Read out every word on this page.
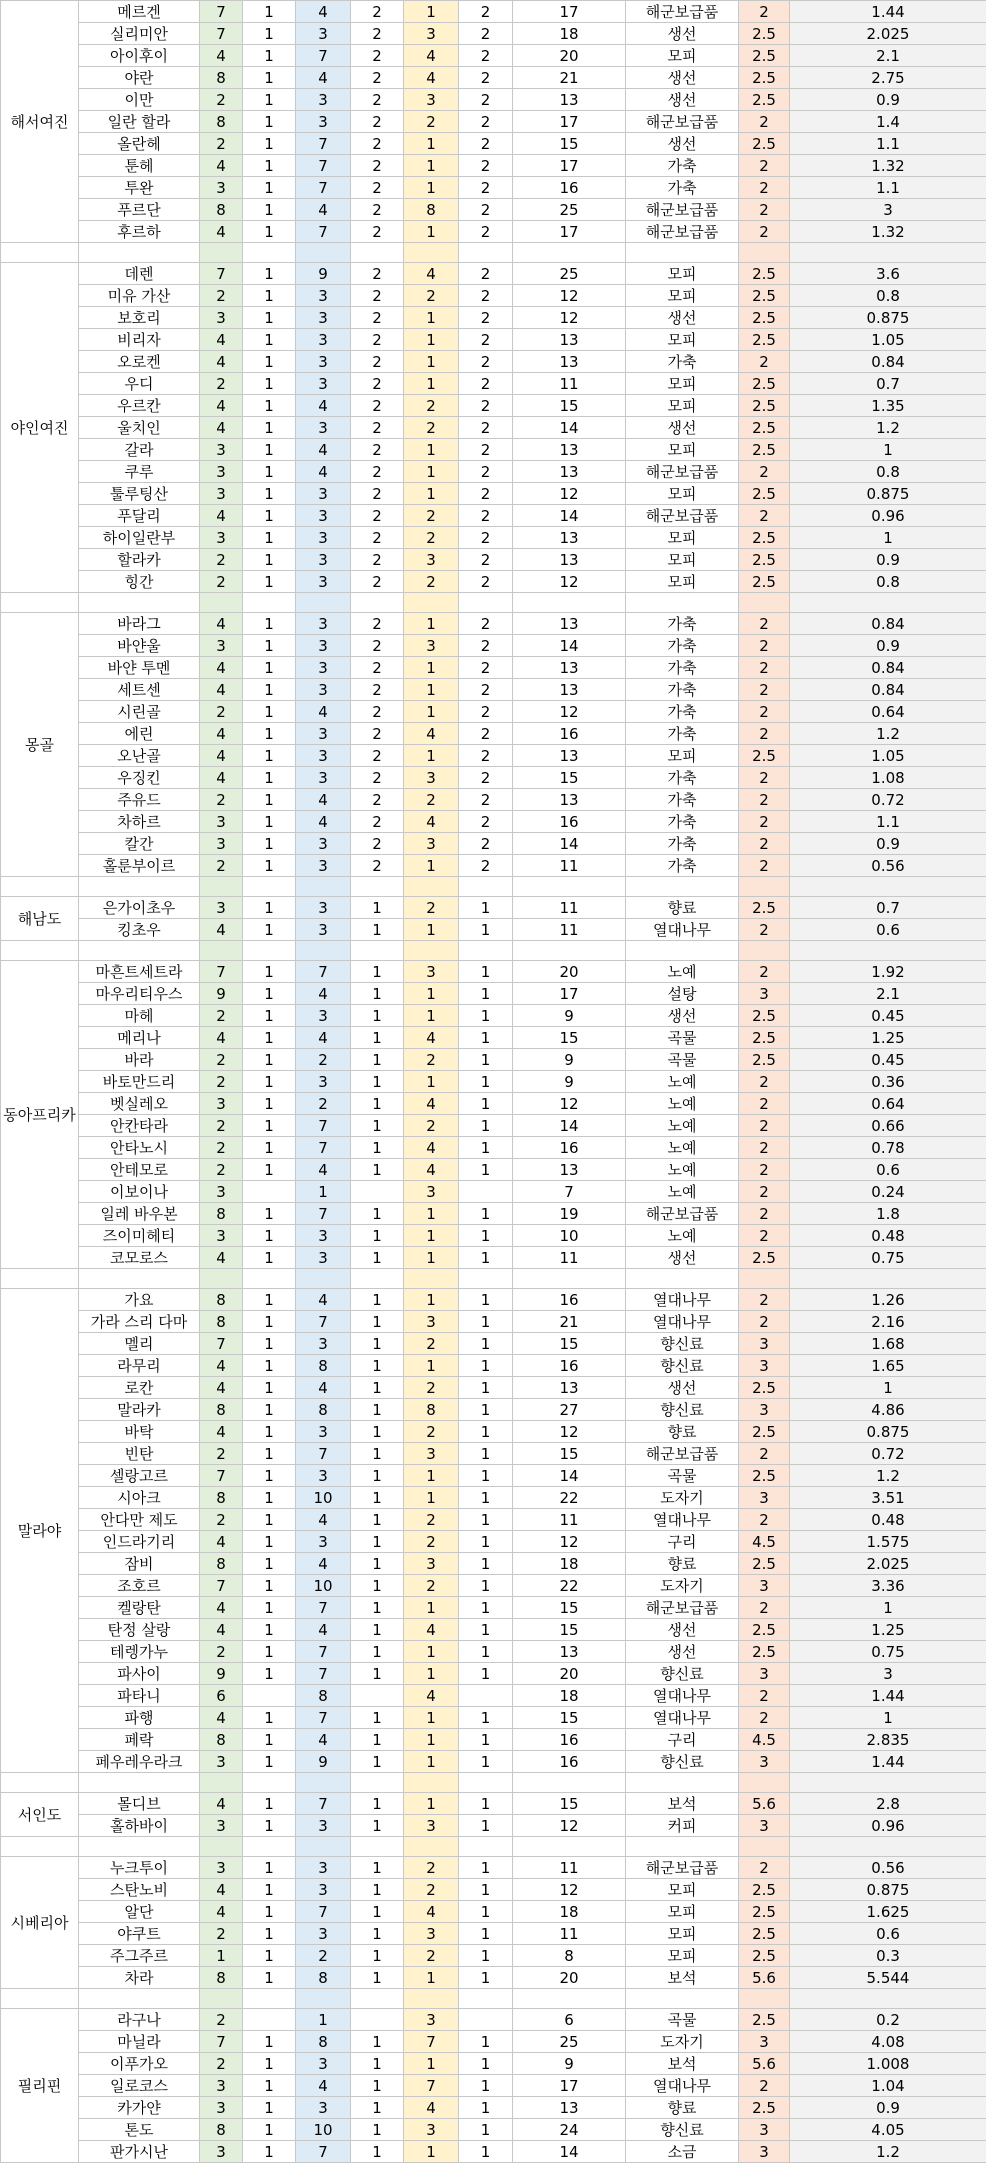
해서여진	메르겐	7	1	4	2	1	2	17	해군보급품	2	1.44
	실리미안	7	1	3	2	3	2	18	생선	2.5	2.025
	아이후이	4	1	7	2	4	2	20	모피	2.5	2.1
	야란	8	1	4	2	4	2	21	생선	2.5	2.75
	이만	2	1	3	2	3	2	13	생선	2.5	0.9
	일란 할라	8	1	3	2	2	2	17	해군보급품	2	1.4
	올란헤	2	1	7	2	1	2	15	생선	2.5	1.1
	툰헤	4	1	7	2	1	2	17	가축	2	1.32
	투완	3	1	7	2	1	2	16	가축	2	1.1
	푸르단	8	1	4	2	8	2	25	해군보급품	2	3
	후르하	4	1	7	2	1	2	17	해군보급품	2	1.32

야인여진	데렌	7	1	9	2	4	2	25	모피	2.5	3.6
	미유 가산	2	1	3	2	2	2	12	모피	2.5	0.8
	보호리	3	1	3	2	1	2	12	생선	2.5	0.875
	비리자	4	1	3	2	1	2	13	모피	2.5	1.05
	오로켄	4	1	3	2	1	2	13	가축	2	0.84
	우디	2	1	3	2	1	2	11	모피	2.5	0.7
	우르칸	4	1	4	2	2	2	15	모피	2.5	1.35
	울치인	4	1	3	2	2	2	14	생선	2.5	1.2
	갈라	3	1	4	2	1	2	13	모피	2.5	1
	쿠루	3	1	4	2	1	2	13	해군보급품	2	0.8
	툴루팅산	3	1	3	2	1	2	12	모피	2.5	0.875
	푸달리	4	1	3	2	2	2	14	해군보급품	2	0.96
	하이일란부	3	1	3	2	2	2	13	모피	2.5	1
	할라카	2	1	3	2	3	2	13	모피	2.5	0.9
	힝간	2	1	3	2	2	2	12	모피	2.5	0.8

몽골	바라그	4	1	3	2	1	2	13	가축	2	0.84
	바얀울	3	1	3	2	3	2	14	가축	2	0.9
	바얀 투멘	4	1	3	2	1	2	13	가축	2	0.84
	세트센	4	1	3	2	1	2	13	가축	2	0.84
	시린골	2	1	4	2	1	2	12	가축	2	0.64
	에린	4	1	3	2	4	2	16	가축	2	1.2
	오난골	4	1	3	2	1	2	13	모피	2.5	1.05
	우징킨	4	1	3	2	3	2	15	가축	2	1.08
	주유드	2	1	4	2	2	2	13	가축	2	0.72
	차하르	3	1	4	2	4	2	16	가축	2	1.1
	칼간	3	1	3	2	3	2	14	가축	2	0.9
	홀룬부이르	2	1	3	2	1	2	11	가축	2	0.56

해남도	은가이초우	3	1	3	1	2	1	11	향료	2.5	0.7
	킹초우	4	1	3	1	1	1	11	열대나무	2	0.6

동아프리카	마흔트세트라	7	1	7	1	3	1	20	노예	2	1.92
	마우리티우스	9	1	4	1	1	1	17	설탕	3	2.1
	마헤	2	1	3	1	1	1	9	생선	2.5	0.45
	메리나	4	1	4	1	4	1	15	곡물	2.5	1.25
	바라	2	1	2	1	2	1	9	곡물	2.5	0.45
	바토만드리	2	1	3	1	1	1	9	노예	2	0.36
	벳실레오	3	1	2	1	4	1	12	노예	2	0.64
	안칸타라	2	1	7	1	2	1	14	노예	2	0.66
	안타노시	2	1	7	1	4	1	16	노예	2	0.78
	안테모로	2	1	4	1	4	1	13	노예	2	0.6
	이보이나	3		1		3		7	노예	2	0.24
	일레 바우본	8	1	7	1	1	1	19	해군보급품	2	1.8
	즈이미헤티	3	1	3	1	1	1	10	노예	2	0.48
	코모로스	4	1	3	1	1	1	11	생선	2.5	0.75

말라야	가요	8	1	4	1	1	1	16	열대나무	2	1.26
	가라 스리 다마	8	1	7	1	3	1	21	열대나무	2	2.16
	멜리	7	1	3	1	2	1	15	향신료	3	1.68
	라무리	4	1	8	1	1	1	16	향신료	3	1.65
	로칸	4	1	4	1	2	1	13	생선	2.5	1
	말라카	8	1	8	1	8	1	27	향신료	3	4.86
	바탁	4	1	3	1	2	1	12	향료	2.5	0.875
	빈탄	2	1	7	1	3	1	15	해군보급품	2	0.72
	셀랑고르	7	1	3	1	1	1	14	곡물	2.5	1.2
	시아크	8	1	10	1	1	1	22	도자기	3	3.51
	안다만 제도	2	1	4	1	2	1	11	열대나무	2	0.48
	인드라기리	4	1	3	1	2	1	12	구리	4.5	1.575
	잠비	8	1	4	1	3	1	18	향료	2.5	2.025
	조호르	7	1	10	1	2	1	22	도자기	3	3.36
	켈랑탄	4	1	7	1	1	1	15	해군보급품	2	1
	탄정 살랑	4	1	4	1	4	1	15	생선	2.5	1.25
	테렝가누	2	1	7	1	1	1	13	생선	2.5	0.75
	파사이	9	1	7	1	1	1	20	향신료	3	3
	파타니	6		8		4		18	열대나무	2	1.44
	파행	4	1	7	1	1	1	15	열대나무	2	1
	페락	8	1	4	1	1	1	16	구리	4.5	2.835
	페우레우라크	3	1	9	1	1	1	16	향신료	3	1.44

서인도	몰디브	4	1	7	1	1	1	15	보석	5.6	2.8
	홀하바이	3	1	3	1	3	1	12	커피	3	0.96

시베리아	누크투이	3	1	3	1	2	1	11	해군보급품	2	0.56
	스탄노비	4	1	3	1	2	1	12	모피	2.5	0.875
	알단	4	1	7	1	4	1	18	모피	2.5	1.625
	야쿠트	2	1	3	1	3	1	11	모피	2.5	0.6
	주그주르	1	1	2	1	2	1	8	모피	2.5	0.3
	차라	8	1	8	1	1	1	20	보석	5.6	5.544

필리핀	라구나	2		1		3		6	곡물	2.5	0.2
	마닐라	7	1	8	1	7	1	25	도자기	3	4.08
	이푸가오	2	1	3	1	1	1	9	보석	5.6	1.008
	일로코스	3	1	4	1	7	1	17	열대나무	2	1.04
	카가얀	3	1	3	1	4	1	13	향료	2.5	0.9
	톤도	8	1	10	1	3	1	24	향신료	3	4.05
	판가시난	3	1	7	1	1	1	14	소금	3	1.2
